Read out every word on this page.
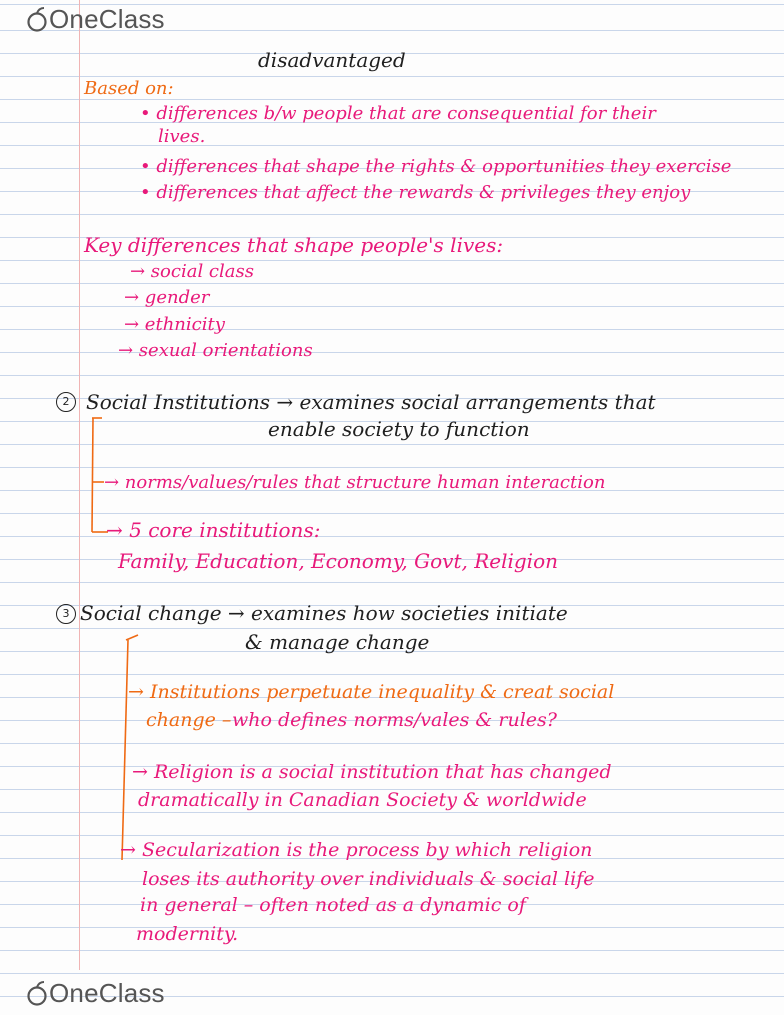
OneClass
disadvantaged
Based on:
• differences b/w people that are consequential for their
lives.
• differences that shape the rights & opportunities they exercise
• differences that affect the rewards & privileges they enjoy
Key differences that shape people's lives:
→ social class
→ gender
→ ethnicity
→ sexual orientations
2 Social Institutions → examines social arrangements that
enable society to function
→ norms/values/rules that structure human interaction
→ 5 core institutions:
Family, Education, Economy, Govt, Religion
3 Social change → examines how societies initiate
& manage change
→ Institutions perpetuate inequality & creat social
change – who defines norms/vales & rules?
→ Religion is a social institution that has changed
dramatically in Canadian Society & worldwide
→ Secularization is the process by which religion
loses its authority over individuals & social life
in general – often noted as a dynamic of
modernity.
OneClass
